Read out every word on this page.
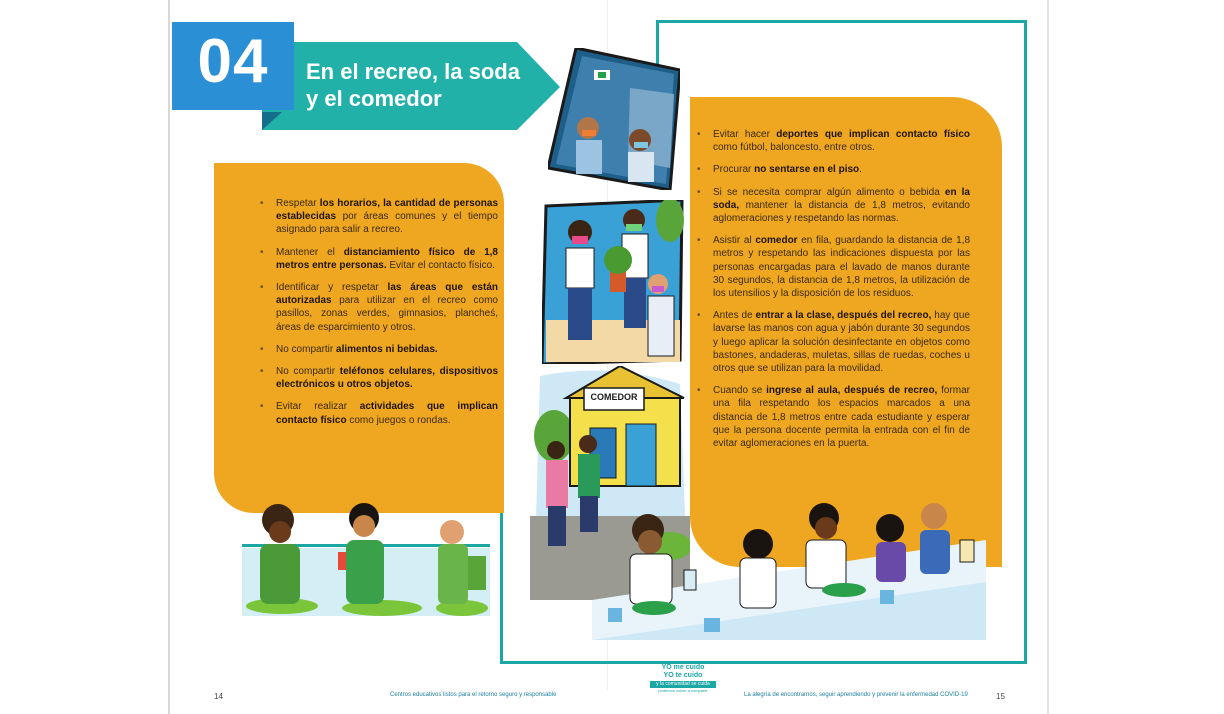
04	En el recreo, la soda
y el comedor
• Respetar los horarios, la cantidad de personas establecidas por áreas comunes y el tiempo asignado para salir a recreo.
• Mantener el distanciamiento físico de 1,8 metros entre personas. Evitar el contacto físico.
• Identificar y respetar las áreas que están autorizadas para utilizar en el recreo como pasillos, zonas verdes, gimnasios, plancheś, áreas de esparcimiento y otros.
• No compartir alimentos ni bebidas.
• No compartir teléfonos celulares, dispositivos electrónicos u otros objetos.
• Evitar realizar actividades que implican contacto físico como juegos o rondas.
• Evitar hacer deportes que implican contacto físico como fútbol, baloncesto, entre otros.
• Procurar no sentarse en el piso.
• Si se necesita comprar algún alimento o bebida en la soda, mantener la distancia de 1,8 metros, evitando aglomeraciones y respetando las normas.
• Asistir al comedor en fila, guardando la distancia de 1,8 metros y respetando las indicaciones dispuesta por las personas encargadas para el lavado de manos durante 30 segundos, la distancia de 1,8 metros, la utilización de los utensilios y la disposición de los residuos.
• Antes de entrar a la clase, después del recreo, hay que lavarse las manos con agua y jabón durante 30 segundos y luego aplicar la solución desinfectante en objetos como bastones, andaderas, muletas, sillas de ruedas, coches u otros que se utilizan para la movilidad.
• Cuando se ingrese al aula, después de recreo, formar una fila respetando los espacios marcados a una distancia de 1,8 metros entre cada estudiante y esperar que la persona docente permita la entrada con el fin de evitar aglomeraciones en la puerta.
COMEDOR
14	Centros educativos listos para el retorno seguro y responsable
YO me cuido
YO te cuido
y la comunidad se cuida
podemos volver a compartir
La alegría de encontrarnos, seguir aprendiendo y prevenir la enfermedad COVID-19	15
